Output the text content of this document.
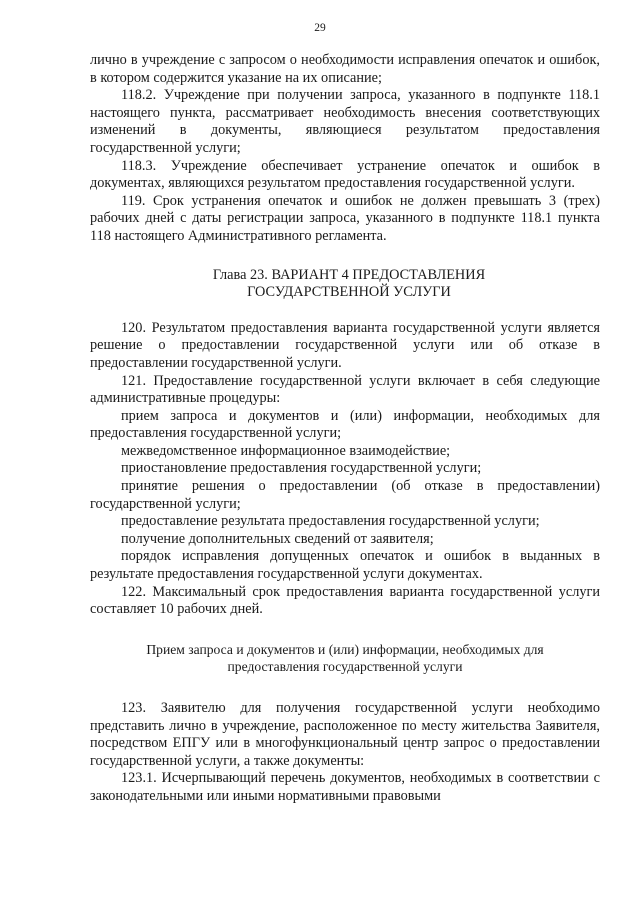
29

лично в учреждение с запросом о необходимости исправления опечаток и ошибок, в котором содержится указание на их описание;

118.2. Учреждение при получении запроса, указанного в подпункте 118.1 настоящего пункта, рассматривает необходимость внесения соответствующих изменений в документы, являющиеся результатом предоставления государственной услуги;

118.3. Учреждение обеспечивает устранение опечаток и ошибок в документах, являющихся результатом предоставления государственной услуги.

119. Срок устранения опечаток и ошибок не должен превышать 3 (трех) рабочих дней с даты регистрации запроса, указанного в подпункте 118.1 пункта 118 настоящего Административного регламента.

Глава 23. ВАРИАНТ 4 ПРЕДОСТАВЛЕНИЯ
ГОСУДАРСТВЕННОЙ УСЛУГИ

120. Результатом предоставления варианта государственной услуги является решение о предоставлении государственной услуги или об отказе в предоставлении государственной услуги.

121. Предоставление государственной услуги включает в себя следующие административные процедуры:

прием запроса и документов и (или) информации, необходимых для предоставления государственной услуги;

межведомственное информационное взаимодействие;

приостановление предоставления государственной услуги;

принятие решения о предоставлении (об отказе в предоставлении) государственной услуги;

предоставление результата предоставления государственной услуги;

получение дополнительных сведений от заявителя;

порядок исправления допущенных опечаток и ошибок в выданных в результате предоставления государственной услуги документах.

122. Максимальный срок предоставления варианта государственной услуги составляет 10 рабочих дней.

Прием запроса и документов и (или) информации, необходимых для
предоставления государственной услуги

123. Заявителю для получения государственной услуги необходимо представить лично в учреждение, расположенное по месту жительства Заявителя, посредством ЕПГУ или в многофункциональный центр запрос о предоставлении государственной услуги, а также документы:

123.1. Исчерпывающий перечень документов, необходимых в соответствии с законодательными или иными нормативными правовыми
